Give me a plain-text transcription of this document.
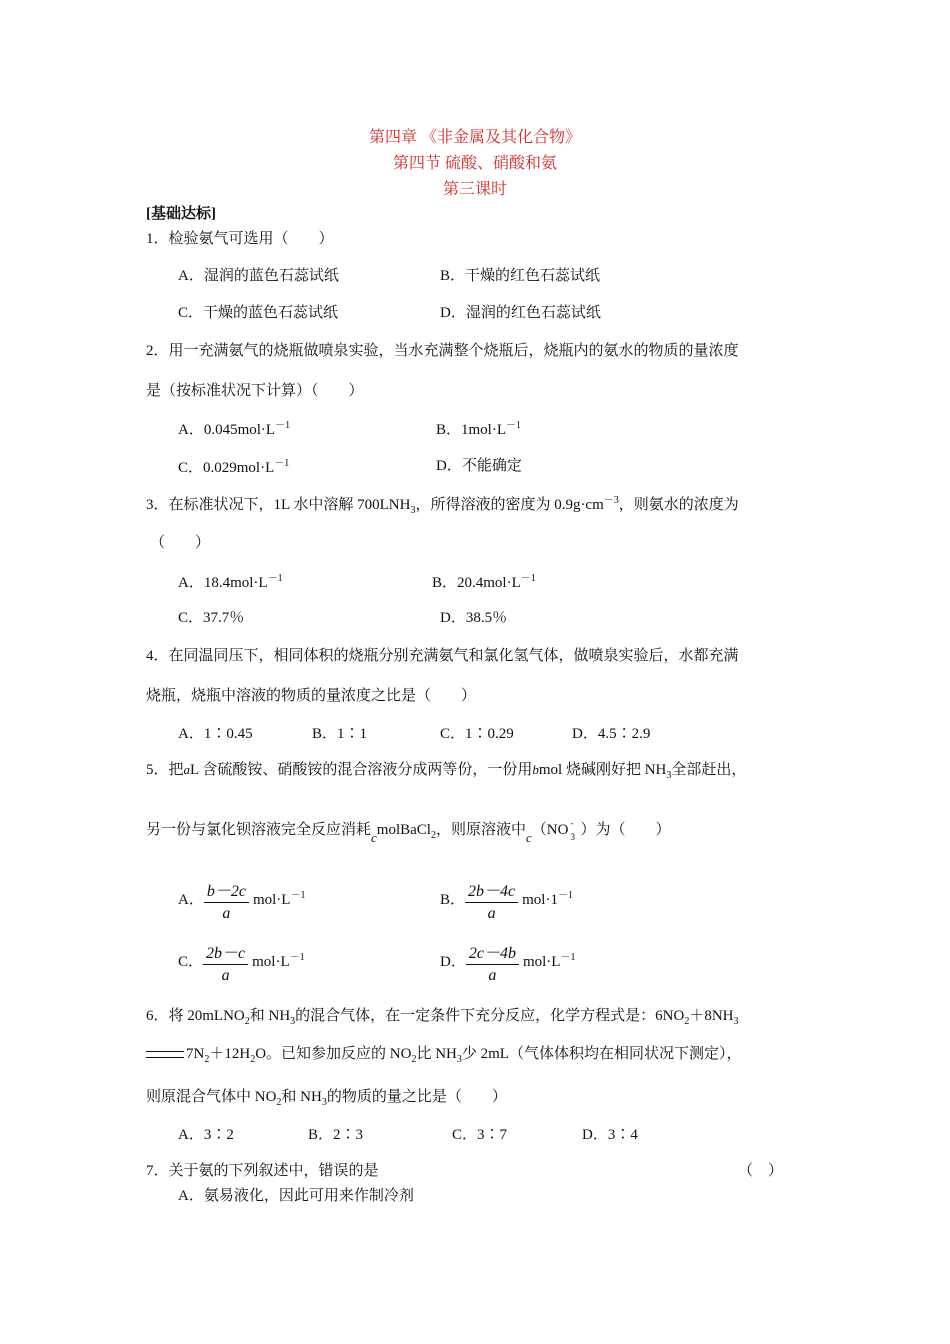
第四章 《非金属及其化合物》
第四节 硫酸、硝酸和氨
第三课时
[基础达标]
1．检验氨气可选用（　　）
A．湿润的蓝色石蕊试纸	B．干燥的红色石蕊试纸
C．干燥的蓝色石蕊试纸	D．湿润的红色石蕊试纸
2．用一充满氨气的烧瓶做喷泉实验，当水充满整个烧瓶后，烧瓶内的氨水的物质的量浓度
是（按标准状况下计算）（　　）
A．$0.045mol\cdot L^{-1}$	B．$1mol\cdot L^{-1}$
C．$0.029mol\cdot L^{-1}$	D．不能确定
3．在标准状况下，1L 水中溶解 $700LNH_3$，所得溶液的密度为 $0.9g\cdot cm^{-3}$，则氨水的浓度为
（　　）
A．$18.4mol\cdot L^{-1}$	B．$20.4mol\cdot L^{-1}$
C．37.7％	D．38.5％
4．在同温同压下，相同体积的烧瓶分别充满氨气和氯化氢气体，做喷泉实验后，水都充满
烧瓶，烧瓶中溶液的物质的量浓度之比是（　　）
A．1∶0.45	B．1∶1	C．1∶0.29	D．4.5∶2.9
5．把aL 含硫酸铵、硝酸铵的混合溶液分成两等份，一份用bmol 烧碱刚好把 $NH_3$全部赶出，
另一份与氯化钡溶液完全反应消耗cmolBaCl$_2$，则原溶液中c（NO -
3 ）为（　　）
A． $\frac{b-2c}{a} mol\cdot L^{-1}$	B． $\frac{2b-4c}{a} mol\cdot 1^{-1}$
C． $\frac{2b-c}{a} mol\cdot L^{-1}$	D． $\frac{2c-4b}{a} mol\cdot L^{-1}$
6．将 20mLNO$_2$和 $NH_3$的混合气体，在一定条件下充分反应，化学方程式是：$6NO_2+8NH_3$
$7N_2+12H_2O$。已知参加反应的 $NO_2$比 $NH_3$少 2mL（气体体积均在相同状况下测定），
则原混合气体中 $NO_2$和 $NH_3$的物质的量之比是（　　）
A．3∶2	B．2∶3	C．3∶7	D．3∶4
7．关于氨的下列叙述中，错误的是	（　）
A．氨易液化，因此可用来作制冷剂
